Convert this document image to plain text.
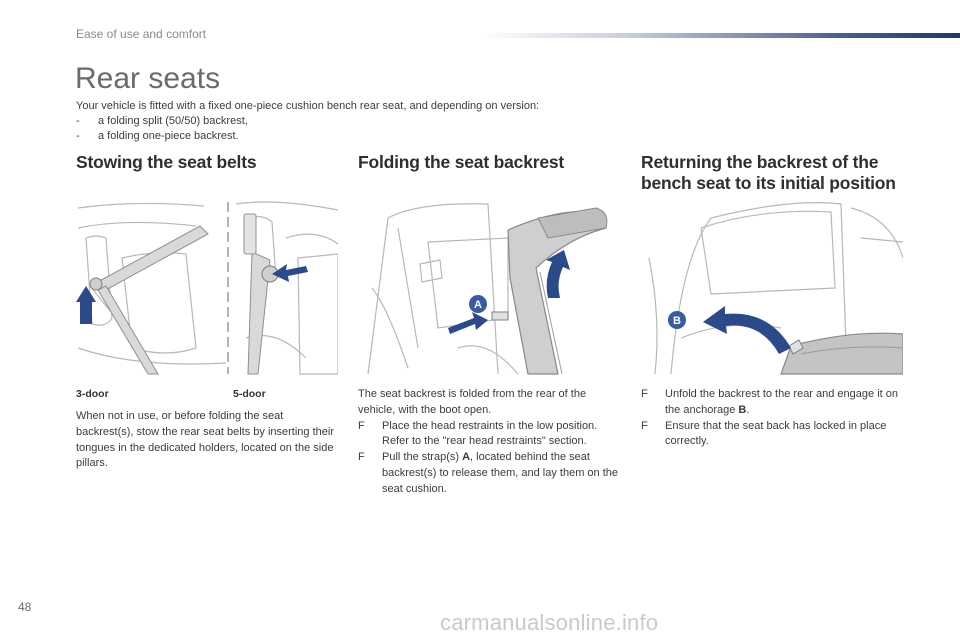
Ease of use and comfort
Rear seats
Your vehicle is fitted with a fixed one-piece cushion bench rear seat, and depending on version:
- a folding split (50/50) backrest,
- a folding one-piece backrest.
Stowing the seat belts
3-door	5-door
When not in use, or before folding the seat backrest(s), stow the rear seat belts by inserting their tongues in the dedicated holders, located on the side pillars.
Folding the seat backrest
A
The seat backrest is folded from the rear of the vehicle, with the boot open.
F Place the head restraints in the low position.
Refer to the "rear head restraints" section.
F Pull the strap(s) A, located behind the seat backrest(s) to release them, and lay them on the seat cushion.
Returning the backrest of the
bench seat to its initial position
B
F Unfold the backrest to the rear and engage it on the anchorage B.
F Ensure that the seat back has locked in place correctly.
48
carmanualsonline.info
